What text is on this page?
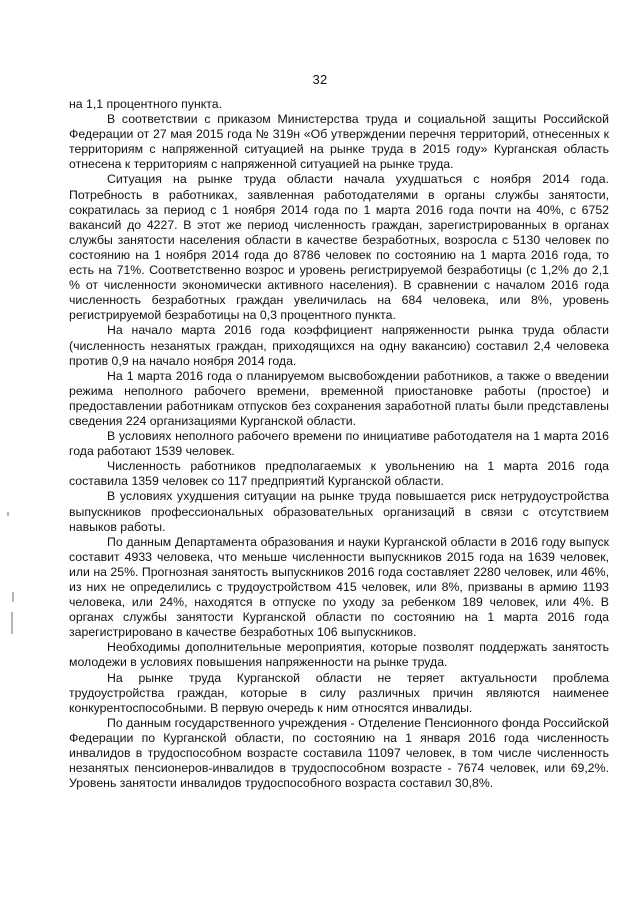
32

на 1,1 процентного пункта.

В соответствии с приказом Министерства труда и социальной защиты Российской Федерации от 27 мая 2015 года № 319н «Об утверждении перечня территорий, отнесенных к территориям с напряженной ситуацией на рынке труда в 2015 году» Курганская область отнесена к территориям с напряженной ситуацией на рынке труда.

Ситуация на рынке труда области начала ухудшаться с ноября 2014 года. Потребность в работниках, заявленная работодателями в органы службы занятости, сократилась за период с 1 ноября 2014 года по 1 марта 2016 года почти на 40%, с 6752 вакансий до 4227. В этот же период численность граждан, зарегистрированных в органах службы занятости населения области в качестве безработных, возросла с 5130 человек по состоянию на 1 ноября 2014 года до 8786 человек по состоянию на 1 марта 2016 года, то есть на 71%. Соответственно возрос и уровень регистрируемой безработицы (с 1,2% до 2,1 % от численности экономически активного населения). В сравнении с началом 2016 года численность безработных граждан увеличилась на 684 человека, или 8%, уровень регистрируемой безработицы на 0,3 процентного пункта.

На начало марта 2016 года коэффициент напряженности рынка труда области (численность незанятых граждан, приходящихся на одну вакансию) составил 2,4 человека против 0,9 на начало ноября 2014 года.

На 1 марта 2016 года о планируемом высвобождении работников, а также о введении режима неполного рабочего времени, временной приостановке работы (простое) и предоставлении работникам отпусков без сохранения заработной платы были представлены сведения 224 организациями Курганской области.

В условиях неполного рабочего времени по инициативе работодателя на 1 марта 2016 года работают 1539 человек.

Численность работников предполагаемых к увольнению на 1 марта 2016 года составила 1359 человек со 117 предприятий Курганской области.

В условиях ухудшения ситуации на рынке труда повышается риск нетрудоустройства выпускников профессиональных образовательных организаций в связи с отсутствием навыков работы.

По данным Департамента образования и науки Курганской области в 2016 году выпуск составит 4933 человека, что меньше численности выпускников 2015 года на 1639 человек, или на 25%. Прогнозная занятость выпускников 2016 года составляет 2280 человек, или 46%, из них не определились с трудоустройством 415 человек, или 8%, призваны в армию 1193 человека, или 24%, находятся в отпуске по уходу за ребенком 189 человек, или 4%. В органах службы занятости Курганской области по состоянию на 1 марта 2016 года зарегистрировано в качестве безработных 106 выпускников.

Необходимы дополнительные мероприятия, которые позволят поддержать занятость молодежи в условиях повышения напряженности на рынке труда.

На рынке труда Курганской области не теряет актуальности проблема трудоустройства граждан, которые в силу различных причин являются наименее конкурентоспособными. В первую очередь к ним относятся инвалиды.

По данным государственного учреждения - Отделение Пенсионного фонда Российской Федерации по Курганской области, по состоянию на 1 января 2016 года численность инвалидов в трудоспособном возрасте составила 11097 человек, в том числе численность незанятых пенсионеров-инвалидов в трудоспособном возрасте - 7674 человек, или 69,2%. Уровень занятости инвалидов трудоспособного возраста составил 30,8%.
